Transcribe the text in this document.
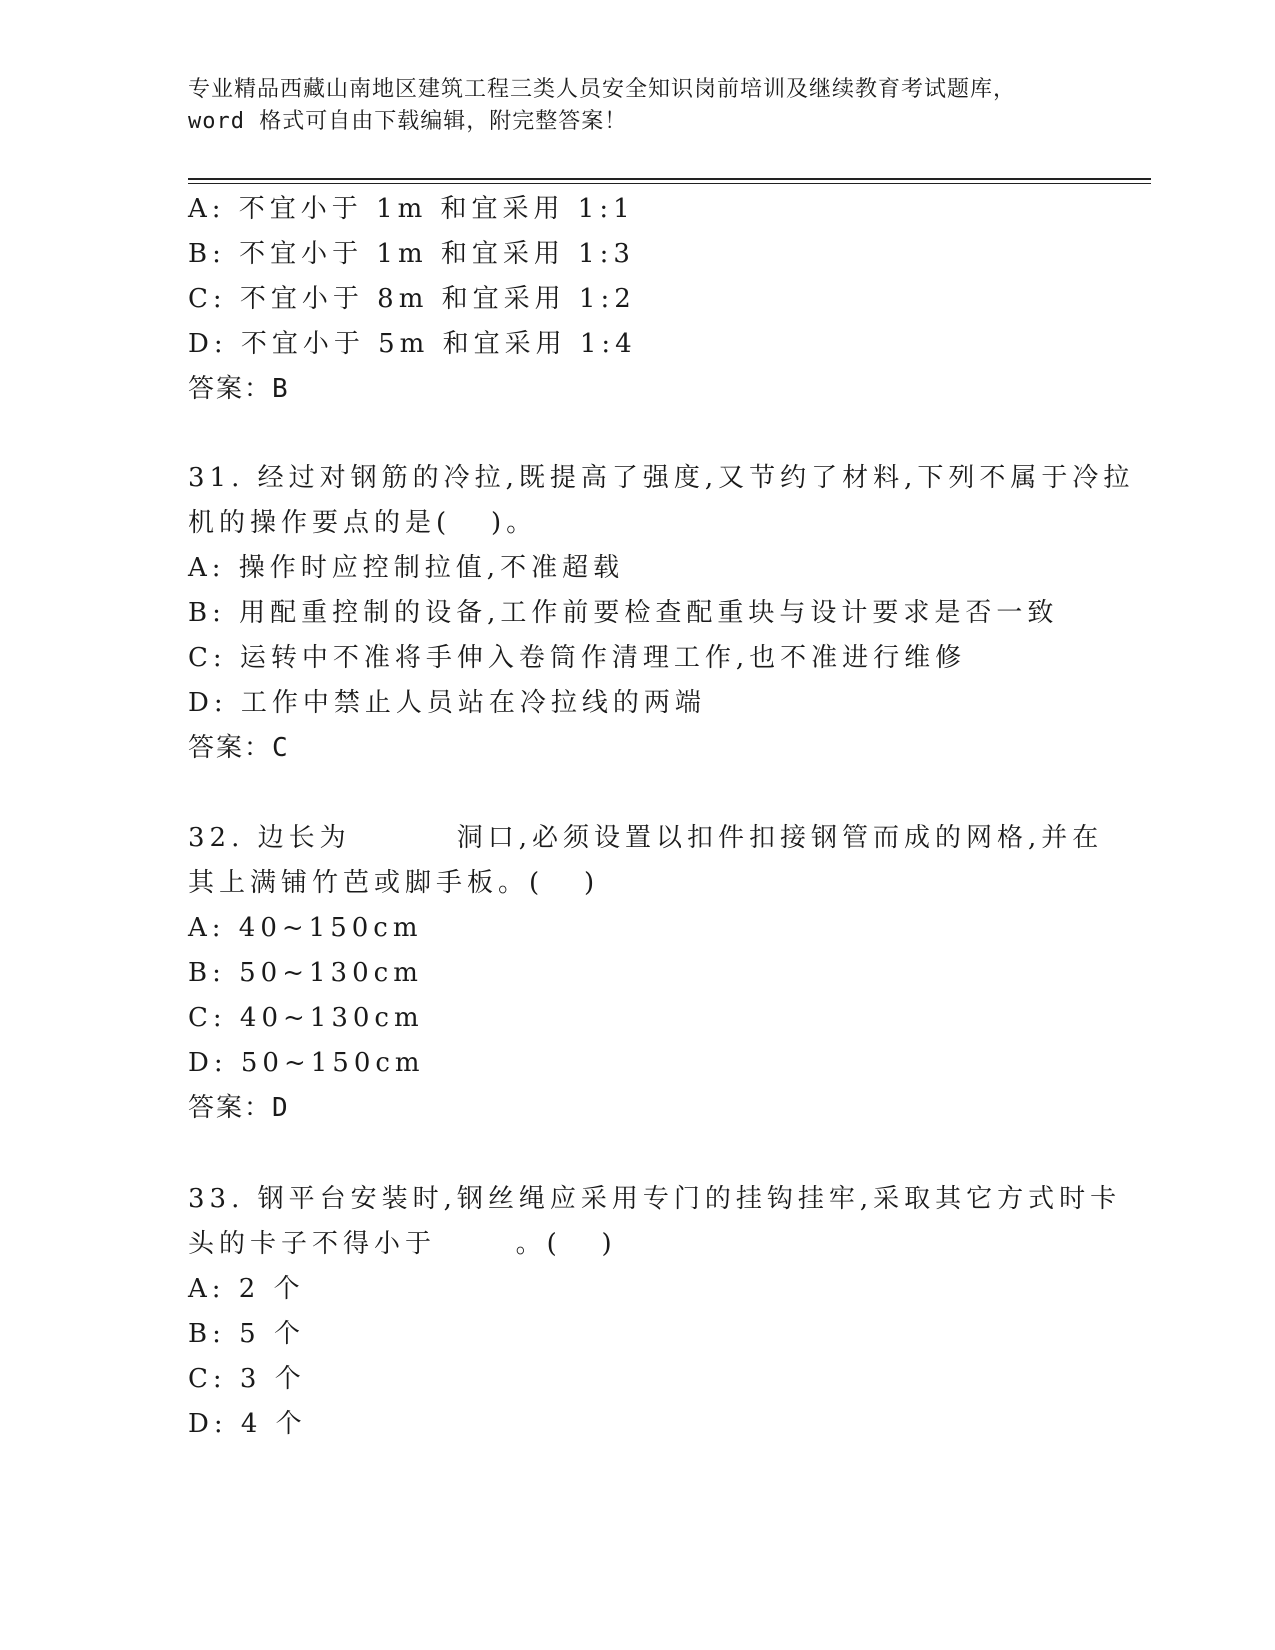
专业精品西藏山南地区建筑工程三类人员安全知识岗前培训及继续教育考试题库，
word 格式可自由下载编辑，附完整答案！
A: 不宜小于 1m 和宜采用 1:1
B: 不宜小于 1m 和宜采用 1:3
C: 不宜小于 8m 和宜采用 1:2
D: 不宜小于 5m 和宜采用 1:4
答案：B
31. 经过对钢筋的冷拉,既提高了强度,又节约了材料,下列不属于冷拉
机的操作要点的是(   )。
A: 操作时应控制拉值,不准超载
B: 用配重控制的设备,工作前要检查配重块与设计要求是否一致
C: 运转中不准将手伸入卷筒作清理工作,也不准进行维修
D: 工作中禁止人员站在冷拉线的两端
答案：C
32. 边长为        洞口,必须设置以扣件扣接钢管而成的网格,并在
其上满铺竹芭或脚手板。(   )
A: 40~150cm
B: 50~130cm
C: 40~130cm
D: 50~150cm
答案：D
33. 钢平台安装时,钢丝绳应采用专门的挂钩挂牢,采取其它方式时卡
头的卡子不得小于      。(   )
A: 2 个
B: 5 个
C: 3 个
D: 4 个
